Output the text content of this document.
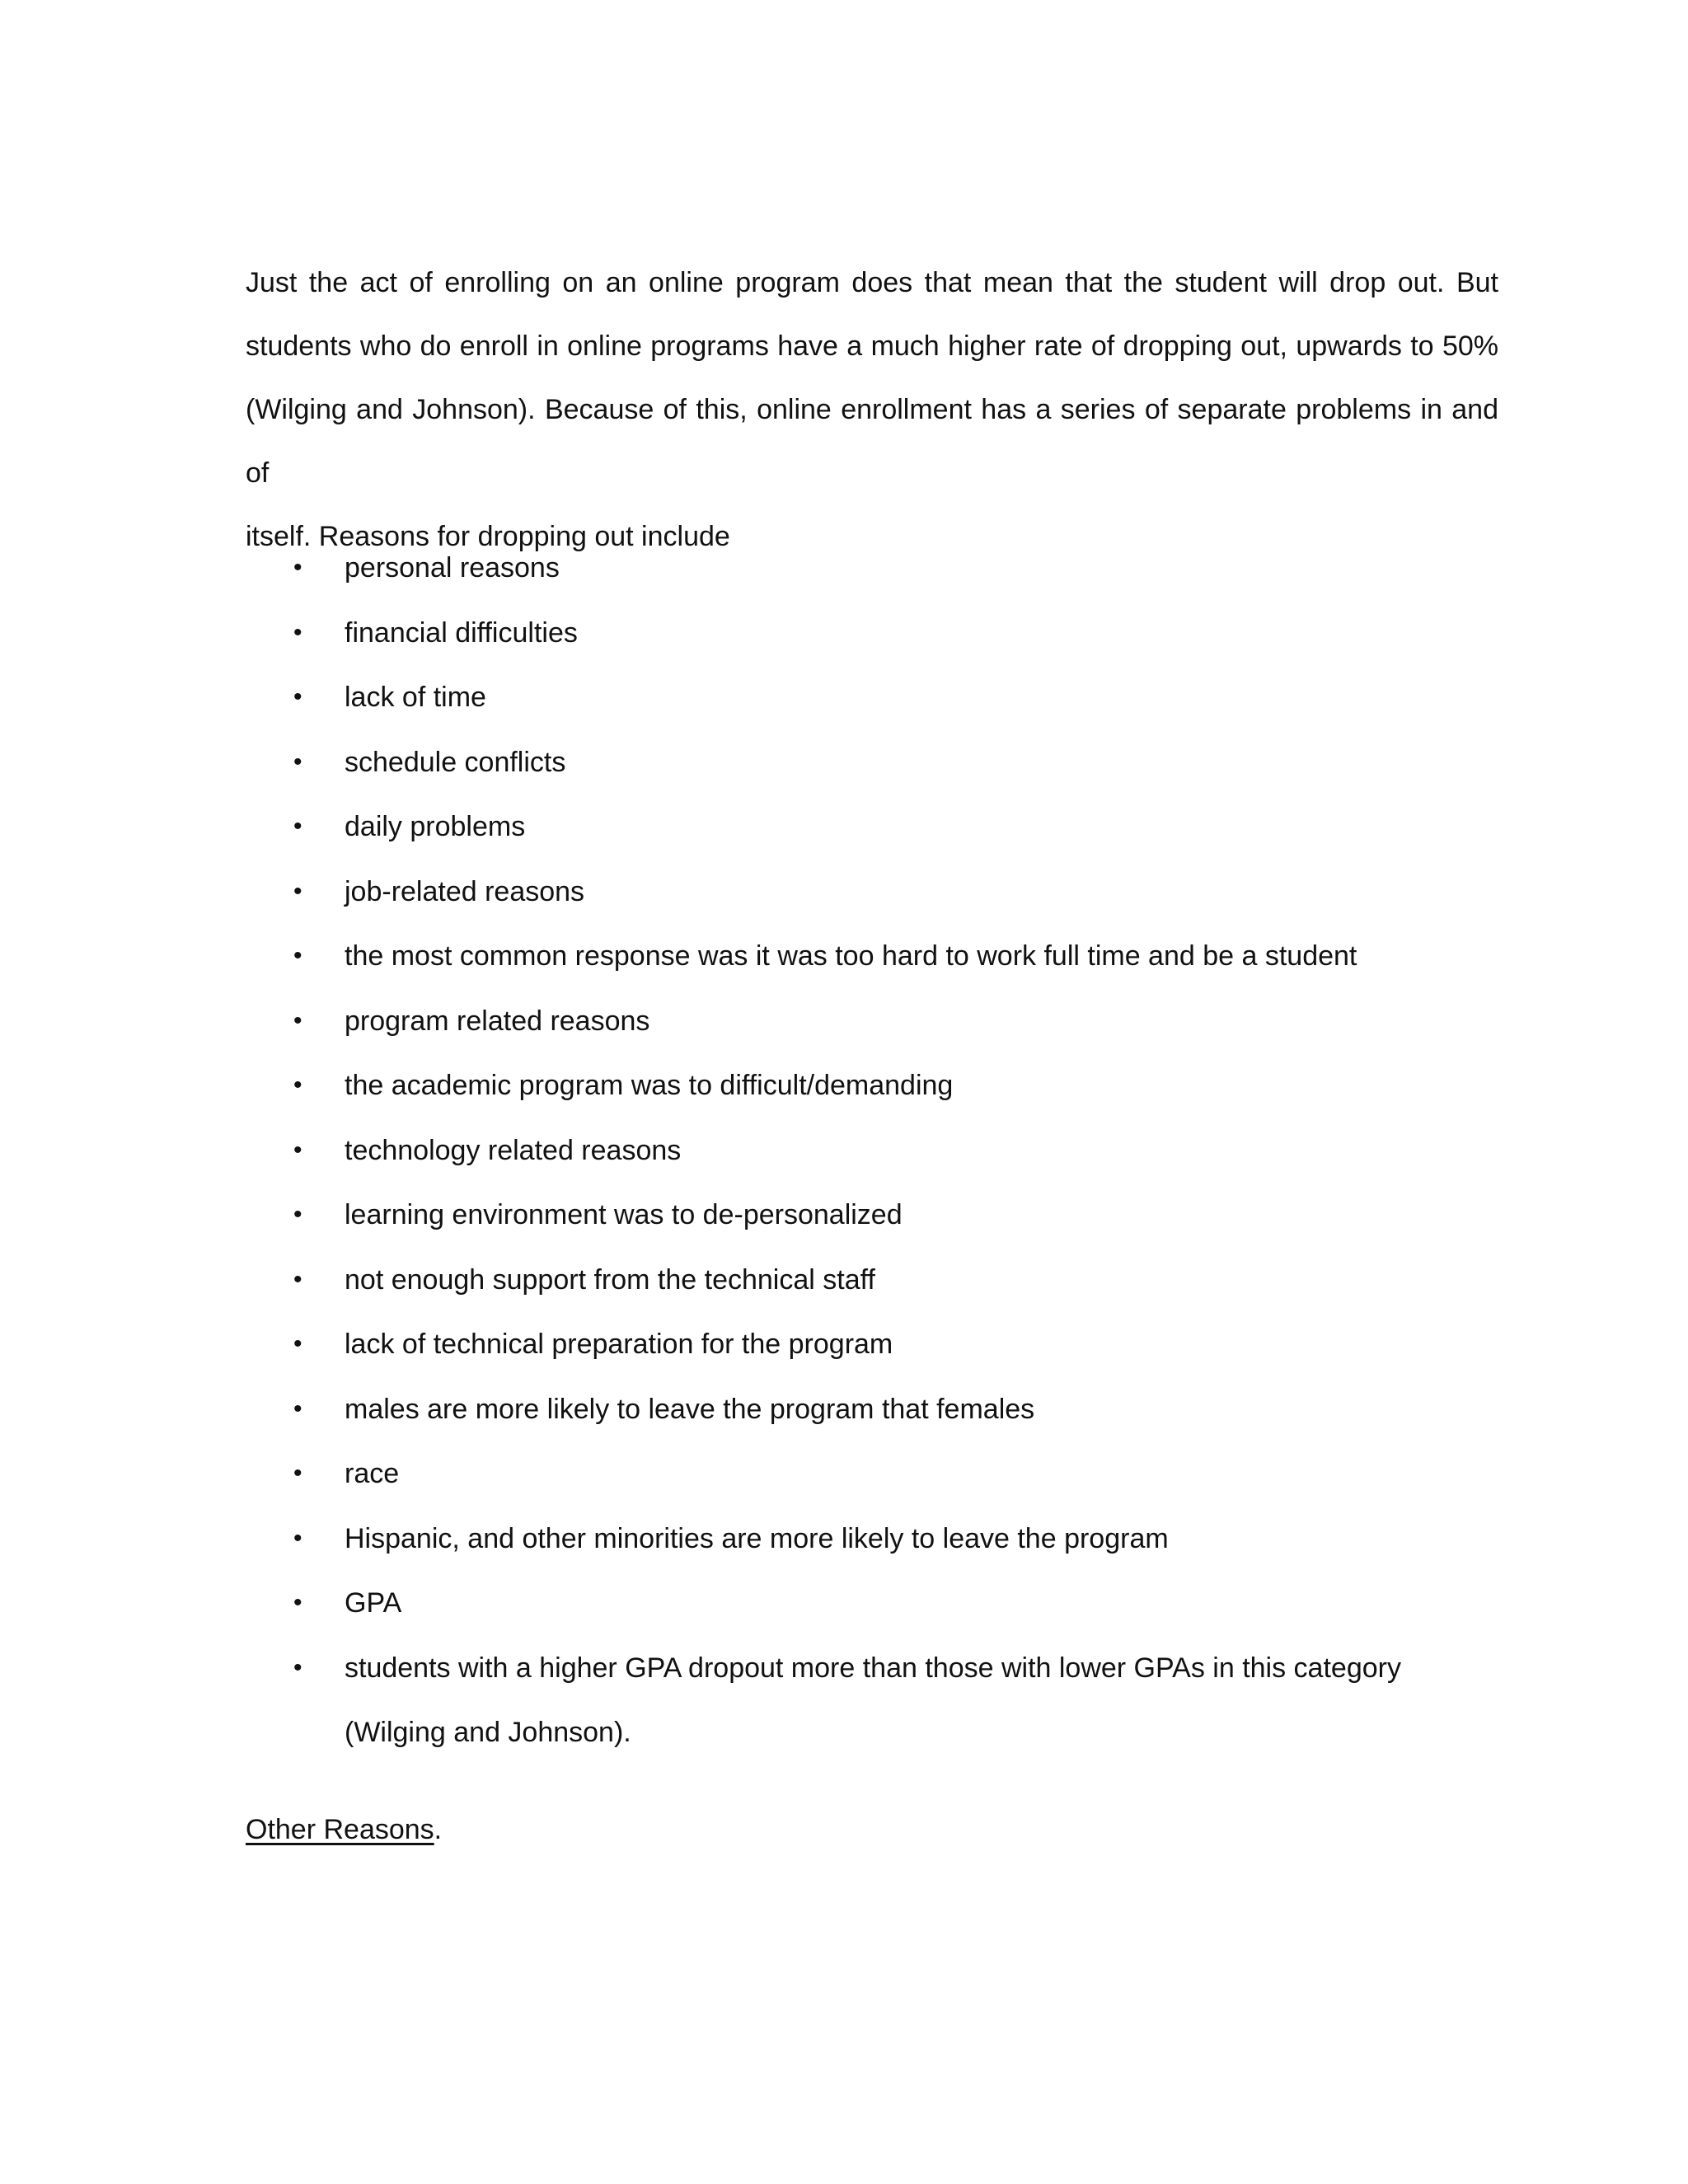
Just the act of enrolling on an online program does that mean that the student will drop out. But
students who do enroll in online programs have a much higher rate of dropping out, upwards to 50%
(Wilging and Johnson). Because of this, online enrollment has a series of separate problems in and of
itself. Reasons for dropping out include
• personal reasons
• financial difficulties
• lack of time
• schedule conflicts
• daily problems
• job-related reasons
• the most common response was it was too hard to work full time and be a student
• program related reasons
• the academic program was to difficult/demanding
• technology related reasons
• learning environment was to de-personalized
• not enough support from the technical staff
• lack of technical preparation for the program
• males are more likely to leave the program that females
• race
• Hispanic, and other minorities are more likely to leave the program
• GPA
• students with a higher GPA dropout more than those with lower GPAs in this category
(Wilging and Johnson).

Other Reasons.
